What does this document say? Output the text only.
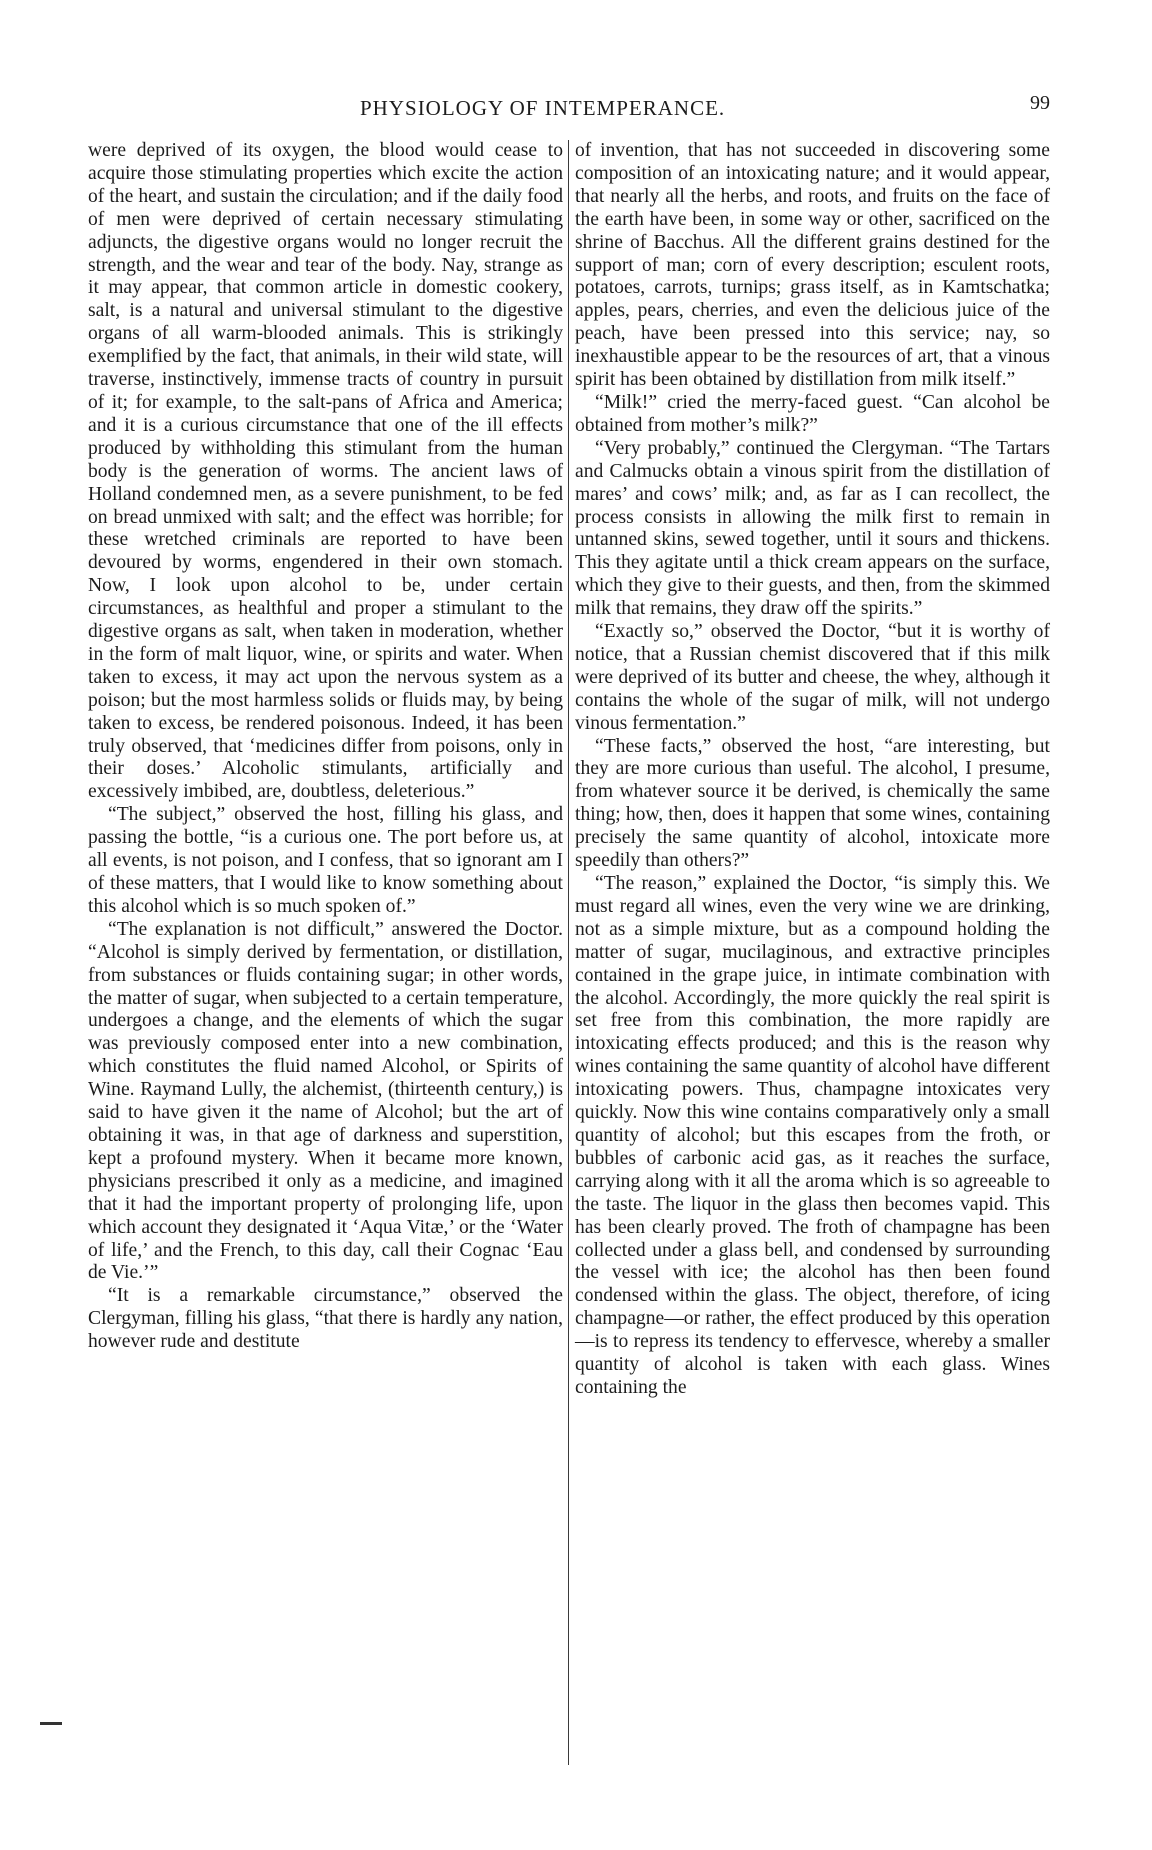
PHYSIOLOGY OF INTEMPERANCE.	99

were deprived of its oxygen, the blood would cease to acquire those stimulating properties which excite the action of the heart, and sustain the circulation; and if the daily food of men were deprived of certain necessary stimulating adjuncts, the digestive organs would no longer recruit the strength, and the wear and tear of the body. Nay, strange as it may appear, that common article in domestic cookery, salt, is a natural and universal stimulant to the digestive organs of all warm-blooded animals. This is strikingly exemplified by the fact, that animals, in their wild state, will traverse, instinctively, immense tracts of country in pursuit of it; for example, to the salt-pans of Africa and America; and it is a curious circumstance that one of the ill effects produced by withholding this stimulant from the human body is the generation of worms. The ancient laws of Holland condemned men, as a severe punishment, to be fed on bread unmixed with salt; and the effect was horrible; for these wretched criminals are reported to have been devoured by worms, engendered in their own stomach. Now, I look upon alcohol to be, under certain circumstances, as healthful and proper a stimulant to the digestive organs as salt, when taken in moderation, whether in the form of malt liquor, wine, or spirits and water. When taken to excess, it may act upon the nervous system as a poison; but the most harmless solids or fluids may, by being taken to excess, be rendered poisonous. Indeed, it has been truly observed, that ‘medicines differ from poisons, only in their doses.’ Alcoholic stimulants, artificially and excessively imbibed, are, doubtless, deleterious.”

“The subject,” observed the host, filling his glass, and passing the bottle, “is a curious one. The port before us, at all events, is not poison, and I confess, that so ignorant am I of these matters, that I would like to know something about this alcohol which is so much spoken of.”

“The explanation is not difficult,” answered the Doctor. “Alcohol is simply derived by fermentation, or distillation, from substances or fluids containing sugar; in other words, the matter of sugar, when subjected to a certain temperature, undergoes a change, and the elements of which the sugar was previously composed enter into a new combination, which constitutes the fluid named Alcohol, or Spirits of Wine. Raymand Lully, the alchemist, (thirteenth century,) is said to have given it the name of Alcohol; but the art of obtaining it was, in that age of darkness and superstition, kept a profound mystery. When it became more known, physicians prescribed it only as a medicine, and imagined that it had the important property of prolonging life, upon which account they designated it ‘Aqua Vitæ,’ or the ‘Water of life,’ and the French, to this day, call their Cognac ‘Eau de Vie.’”

“It is a remarkable circumstance,” observed the Clergyman, filling his glass, “that there is hardly any nation, however rude and destitute

of invention, that has not succeeded in discovering some composition of an intoxicating nature; and it would appear, that nearly all the herbs, and roots, and fruits on the face of the earth have been, in some way or other, sacrificed on the shrine of Bacchus. All the different grains destined for the support of man; corn of every description; esculent roots, potatoes, carrots, turnips; grass itself, as in Kamtschatka; apples, pears, cherries, and even the delicious juice of the peach, have been pressed into this service; nay, so inexhaustible appear to be the resources of art, that a vinous spirit has been obtained by distillation from milk itself.”

“Milk!” cried the merry-faced guest. “Can alcohol be obtained from mother’s milk?”

“Very probably,” continued the Clergyman. “The Tartars and Calmucks obtain a vinous spirit from the distillation of mares’ and cows’ milk; and, as far as I can recollect, the process consists in allowing the milk first to remain in untanned skins, sewed together, until it sours and thickens. This they agitate until a thick cream appears on the surface, which they give to their guests, and then, from the skimmed milk that remains, they draw off the spirits.”

“Exactly so,” observed the Doctor, “but it is worthy of notice, that a Russian chemist discovered that if this milk were deprived of its butter and cheese, the whey, although it contains the whole of the sugar of milk, will not undergo vinous fermentation.”

“These facts,” observed the host, “are interesting, but they are more curious than useful. The alcohol, I presume, from whatever source it be derived, is chemically the same thing; how, then, does it happen that some wines, containing precisely the same quantity of alcohol, intoxicate more speedily than others?”

“The reason,” explained the Doctor, “is simply this. We must regard all wines, even the very wine we are drinking, not as a simple mixture, but as a compound holding the matter of sugar, mucilaginous, and extractive principles contained in the grape juice, in intimate combination with the alcohol. Accordingly, the more quickly the real spirit is set free from this combination, the more rapidly are intoxicating effects produced; and this is the reason why wines containing the same quantity of alcohol have different intoxicating powers. Thus, champagne intoxicates very quickly. Now this wine contains comparatively only a small quantity of alcohol; but this escapes from the froth, or bubbles of carbonic acid gas, as it reaches the surface, carrying along with it all the aroma which is so agreeable to the taste. The liquor in the glass then becomes vapid. This has been clearly proved. The froth of champagne has been collected under a glass bell, and condensed by surrounding the vessel with ice; the alcohol has then been found condensed within the glass. The object, therefore, of icing champagne—or rather, the effect produced by this operation—is to repress its tendency to effervesce, whereby a smaller quantity of alcohol is taken with each glass. Wines containing the
